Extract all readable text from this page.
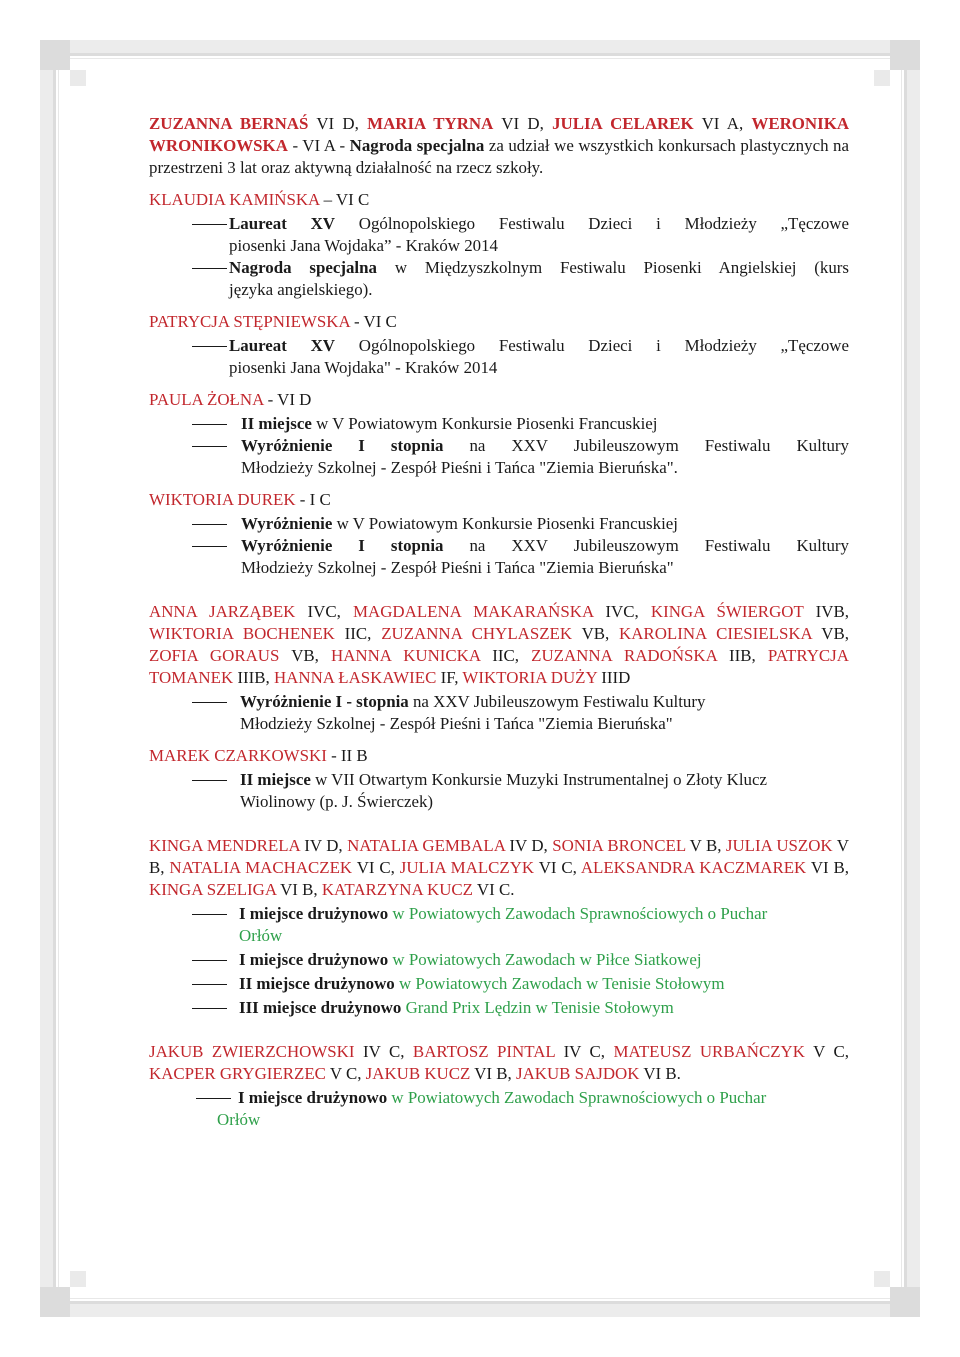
ZUZANNA BERNAŚ VI D, MARIA TYRNA VI D, JULIA CELAREK VI A, WERONIKA WRONIKOWSKA - VI A - Nagroda specjalna za udział we wszystkich konkursach plastycznych na przestrzeni 3 lat oraz aktywną działalność na rzecz szkoły.

KLAUDIA KAMIŃSKA – VI C

Laureat XV Ogólnopolskiego Festiwalu Dzieci i Młodzieży „Tęczowe
piosenki Jana Wojdaka” - Kraków 2014
Nagroda specjalna w Międzyszkolnym Festiwalu Piosenki Angielskiej (kurs
języka angielskiego).

PATRYCJA STĘPNIEWSKA - VI C

Laureat XV Ogólnopolskiego Festiwalu Dzieci i Młodzieży „Tęczowe
piosenki Jana Wojdaka" - Kraków 2014

PAULA ŻOŁNA - VI D

II miejsce w V Powiatowym Konkursie Piosenki Francuskiej
Wyróżnienie I stopnia na XXV Jubileuszowym Festiwalu Kultury
Młodzieży Szkolnej - Zespół Pieśni i Tańca "Ziemia Bieruńska".

WIKTORIA DUREK - I C

Wyróżnienie w V Powiatowym Konkursie Piosenki Francuskiej
Wyróżnienie I stopnia na XXV Jubileuszowym Festiwalu Kultury
Młodzieży Szkolnej - Zespół Pieśni i Tańca "Ziemia Bieruńska"

ANNA JARZĄBEK IVC, MAGDALENA MAKARAŃSKA IVC, KINGA ŚWIERGOT IVB, WIKTORIA BOCHENEK IIC, ZUZANNA CHYLASZEK VB, KAROLINA CIESIELSKA VB, ZOFIA GORAUS VB, HANNA KUNICKA IIC, ZUZANNA RADOŃSKA IIB, PATRYCJA TOMANEK IIIB, HANNA ŁASKAWIEC IF, WIKTORIA DUŻY IIID

Wyróżnienie I - stopnia na XXV Jubileuszowym Festiwalu Kultury
Młodzieży Szkolnej - Zespół Pieśni i Tańca "Ziemia Bieruńska"

MAREK CZARKOWSKI - II B

II miejsce w VII Otwartym Konkursie Muzyki Instrumentalnej o Złoty Klucz
Wiolinowy (p. J. Świerczek)

KINGA MENDRELA IV D, NATALIA GEMBALA IV D, SONIA BRONCEL V B, JULIA USZOK V B, NATALIA MACHACZEK VI C, JULIA MALCZYK VI C, ALEKSANDRA KACZMAREK VI B, KINGA SZELIGA VI B, KATARZYNA KUCZ VI C.

I miejsce drużynowo w Powiatowych Zawodach Sprawnościowych o Puchar
Orłów
I miejsce drużynowo w Powiatowych Zawodach w Piłce Siatkowej
II miejsce drużynowo w Powiatowych Zawodach w Tenisie Stołowym
III miejsce drużynowo Grand Prix Lędzin w Tenisie Stołowym

JAKUB ZWIERZCHOWSKI IV C, BARTOSZ PINTAL IV C, MATEUSZ URBAŃCZYK V C, KACPER GRYGIERZEC V C, JAKUB KUCZ VI B, JAKUB SAJDOK VI B.

I miejsce drużynowo w Powiatowych Zawodach Sprawnościowych o Puchar
Orłów
